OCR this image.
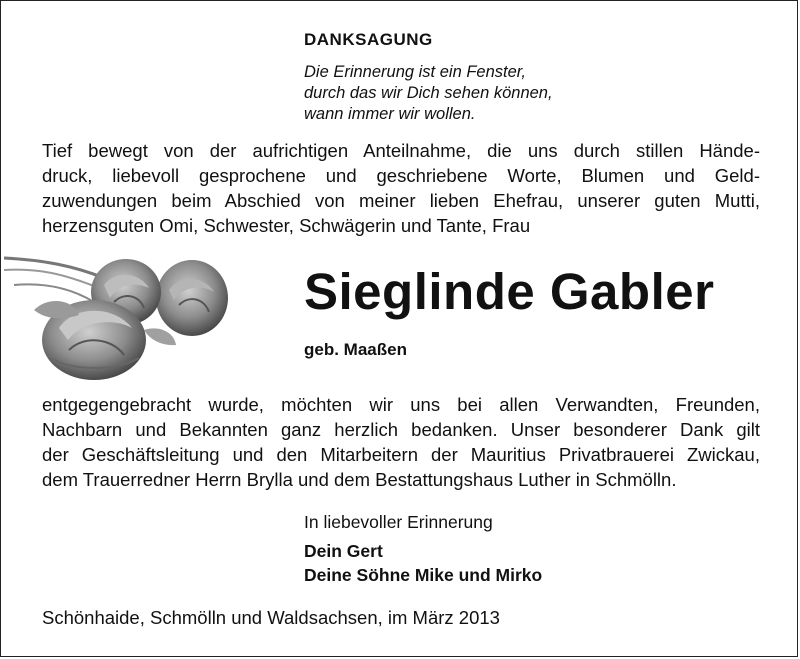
DANKSAGUNG
Die Erinnerung ist ein Fenster,
durch das wir Dich sehen können,
wann immer wir wollen.
Tief bewegt von der aufrichtigen Anteilnahme, die uns durch stillen Hände-
druck, liebevoll gesprochene und geschriebene Worte, Blumen und Geld-
zuwendungen beim Abschied von meiner lieben Ehefrau, unserer guten Mutti,
herzensguten Omi, Schwester, Schwägerin und Tante, Frau
Sieglinde Gabler
geb. Maaßen
entgegengebracht wurde, möchten wir uns bei allen Verwandten, Freunden,
Nachbarn und Bekannten ganz herzlich bedanken. Unser besonderer Dank gilt
der Geschäftsleitung und den Mitarbeitern der Mauritius Privatbrauerei Zwickau,
dem Trauerredner Herrn Brylla und dem Bestattungshaus Luther in Schmölln.
In liebevoller Erinnerung
Dein Gert
Deine Söhne Mike und Mirko
Schönhaide, Schmölln und Waldsachsen, im März 2013
